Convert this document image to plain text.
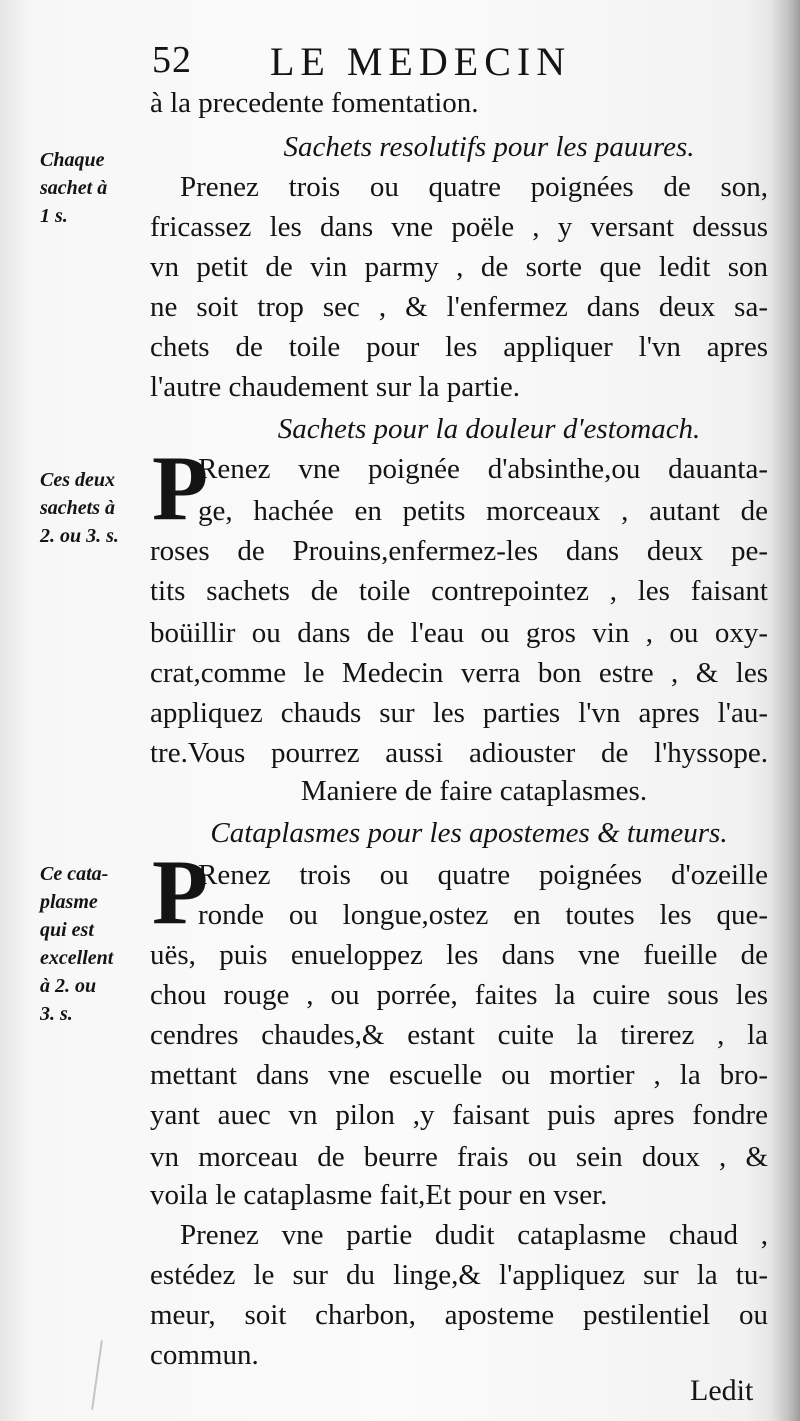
52 LE MEDECIN
Chaque
sachet à
1 s.
Ces deux
sachets à
2. ou 3. s.
Ce cata-
plasme
qui est
excellent
à 2. ou
3. s.
à la precedente fomentation.
Sachets resolutifs pour les pauures.
Prenez trois ou quatre poignées de son,
fricassez les dans vne poële , y versant dessus
vn petit de vin parmy , de sorte que ledit son
ne soit trop sec , & l'enfermez dans deux sa-
chets de toile pour les appliquer l'vn apres
l'autre chaudement sur la partie.
Sachets pour la douleur d'estomach.
P
Renez vne poignée d'absinthe,ou dauanta-
ge, hachée en petits morceaux , autant de
roses de Prouins,enfermez-les dans deux pe-
tits sachets de toile contrepointez , les faisant
boüillir ou dans de l'eau ou gros vin , ou oxy-
crat,comme le Medecin verra bon estre , & les
appliquez chauds sur les parties l'vn apres l'au-
tre.Vous pourrez aussi adiouster de l'hyssope.
Maniere de faire cataplasmes.
Cataplasmes pour les apostemes & tumeurs.
P
Renez trois ou quatre poignées d'ozeille
ronde ou longue,ostez en toutes les que-
uës, puis enueloppez les dans vne fueille de
chou rouge , ou porrée, faites la cuire sous les
cendres chaudes,& estant cuite la tirerez , la
mettant dans vne escuelle ou mortier , la bro-
yant auec vn pilon ,y faisant puis apres fondre
vn morceau de beurre frais ou sein doux , &
voila le cataplasme fait,Et pour en vser.
Prenez vne partie dudit cataplasme chaud ,
estédez le sur du linge,& l'appliquez sur la tu-
meur, soit charbon, aposteme pestilentiel ou
commun.
Ledit
